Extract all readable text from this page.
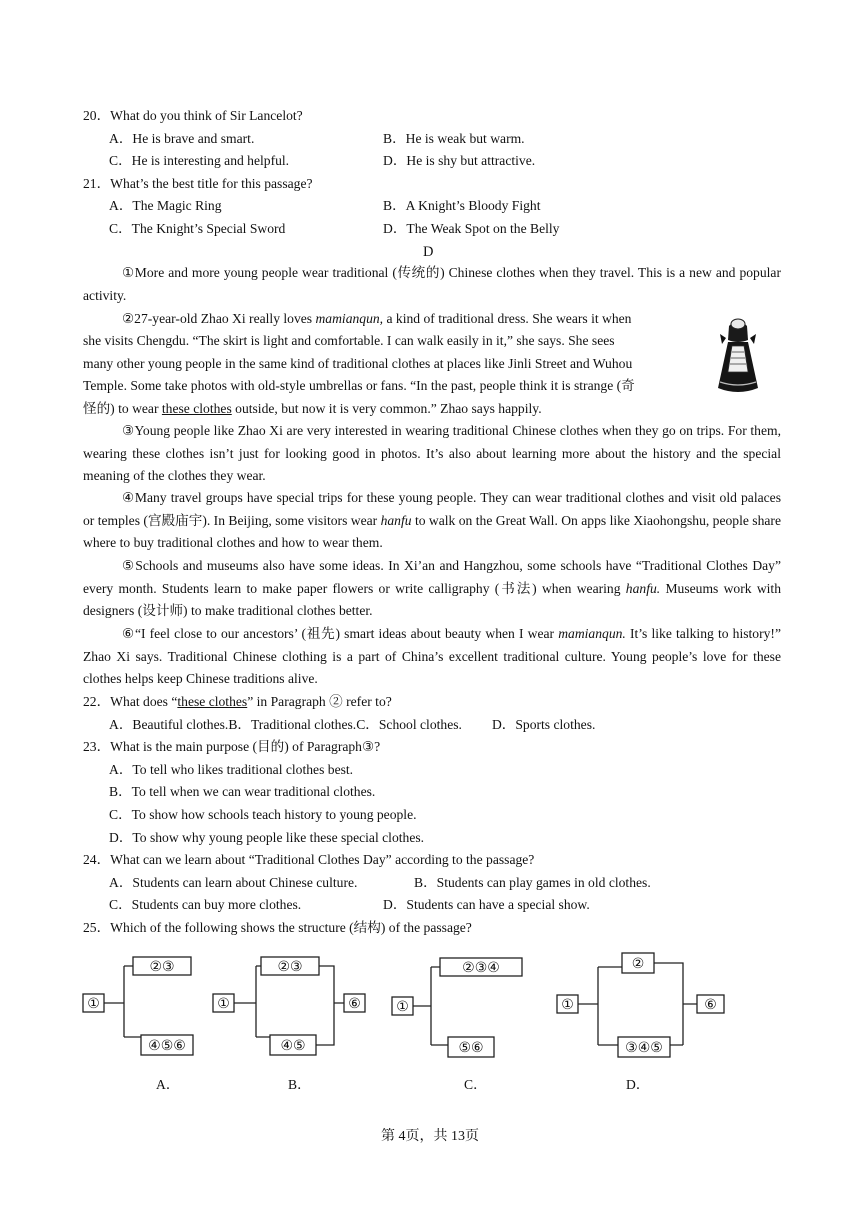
20．What do you think of Sir Lancelot?
A．He is brave and smart.	B．He is weak but warm.
C．He is interesting and helpful.	D．He is shy but attractive.
21．What’s the best title for this passage?
A．The Magic Ring	B．A Knight’s Bloody Fight
C．The Knight’s Special Sword	D．The Weak Spot on the Belly
D

①More and more young people wear traditional (传统的) Chinese clothes when they travel. This is a new and popular activity.

②27-year-old Zhao Xi really loves mamianqun, a kind of traditional dress. She wears it when
she visits Chengdu. “The skirt is light and comfortable. I can walk easily in it,” she says. She sees
many other young people in the same kind of traditional clothes at places like Jinli Street and Wuhou
Temple. Some take photos with old-style umbrellas or fans. “In the past, people think it is strange (奇
怪的) to wear these clothes outside, but now it is very common.” Zhao says happily.

③Young people like Zhao Xi are very interested in wearing traditional Chinese clothes when they go on trips. For them, wearing these clothes isn’t just for looking good in photos. It’s also about learning more about the history and the special meaning of the clothes they wear.

④Many travel groups have special trips for these young people. They can wear traditional clothes and visit old palaces or temples (宫殿庙宇). In Beijing, some visitors wear hanfu to walk on the Great Wall. On apps like Xiaohongshu, people share where to buy traditional clothes and how to wear them.

⑤Schools and museums also have some ideas. In Xi’an and Hangzhou, some schools have “Traditional Clothes Day” every month. Students learn to make paper flowers or write calligraphy (书法) when wearing hanfu. Museums work with designers (设计师) to make traditional clothes better.

⑥“I feel close to our ancestors’ (祖先) smart ideas about beauty when I wear mamianqun. It’s like talking to history!” Zhao Xi says. Traditional Chinese clothing is a part of China’s excellent traditional culture. Young people’s love for these clothes helps keep Chinese traditions alive.

22．What does “these clothes” in Paragraph ② refer to?
A．Beautiful clothes.B．Traditional clothes.C．School clothes. D．Sports clothes.
23．What is the main purpose (目的) of Paragraph③?
A．To tell who likes traditional clothes best.
B．To tell when we can wear traditional clothes.
C．To show how schools teach history to young people.
D．To show why young people like these special clothes.
24．What can we learn about “Traditional Clothes Day” according to the passage?
A．Students can learn about Chinese culture.	B．Students can play games in old clothes.
C．Students can buy more clothes.	D．Students can have a special show.
25．Which of the following shows the structure (结构) of the passage?
①
②③
④⑤⑥
①
②③
④⑤
⑥	①
②③④
⑤⑥
①
②
③④⑤
⑥
A．	B．	C．	D．
第 4页，共 13页
